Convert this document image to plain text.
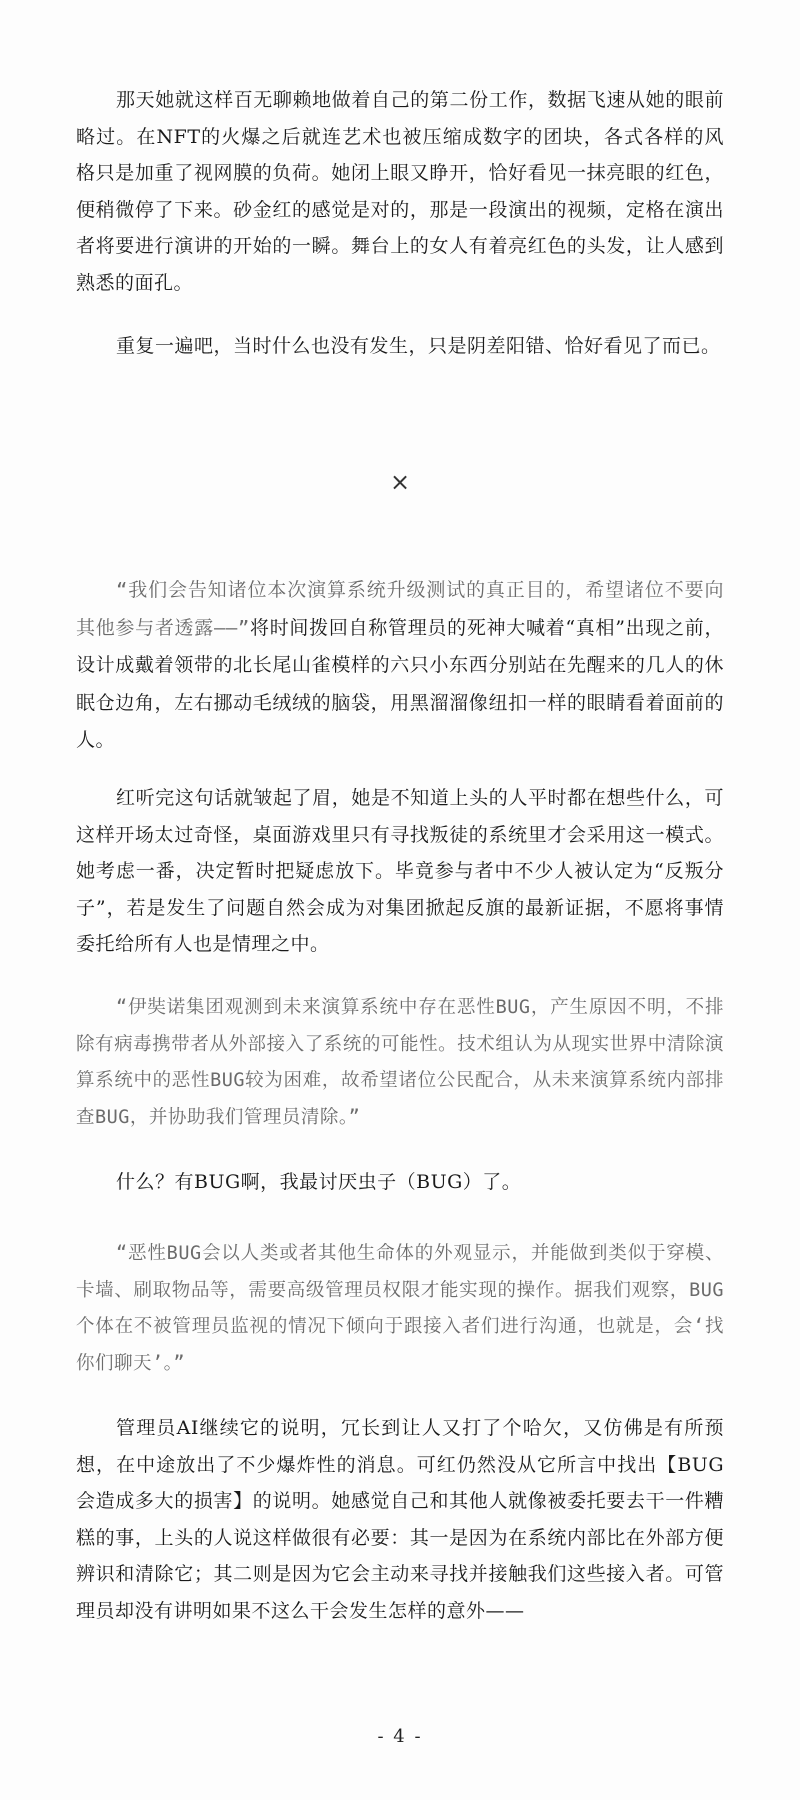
那天她就这样百无聊赖地做着自己的第二份工作，数据飞速从她的眼前略过。在NFT的火爆之后就连艺术也被压缩成数字的团块，各式各样的风格只是加重了视网膜的负荷。她闭上眼又睁开，恰好看见一抹亮眼的红色，便稍微停了下来。砂金红的感觉是对的，那是一段演出的视频，定格在演出者将要进行演讲的开始的一瞬。舞台上的女人有着亮红色的头发，让人感到熟悉的面孔。

重复一遍吧，当时什么也没有发生，只是阴差阳错、恰好看见了而已。

×

“我们会告知诸位本次演算系统升级测试的真正目的，希望诸位不要向其他参与者透露——”将时间拨回自称管理员的死神大喊着“真相”出现之前，设计成戴着领带的北长尾山雀模样的六只小东西分别站在先醒来的几人的休眠仓边角，左右挪动毛绒绒的脑袋，用黑溜溜像纽扣一样的眼睛看着面前的人。

红听完这句话就皱起了眉，她是不知道上头的人平时都在想些什么，可这样开场太过奇怪，桌面游戏里只有寻找叛徒的系统里才会采用这一模式。她考虑一番，决定暂时把疑虑放下。毕竟参与者中不少人被认定为“反叛分子”，若是发生了问题自然会成为对集团掀起反旗的最新证据，不愿将事情委托给所有人也是情理之中。

“伊奘诺集团观测到未来演算系统中存在恶性BUG，产生原因不明，不排除有病毒携带者从外部接入了系统的可能性。技术组认为从现实世界中清除演算系统中的恶性BUG较为困难，故希望诸位公民配合，从未来演算系统内部排查BUG，并协助我们管理员清除。”

什么？有BUG啊，我最讨厌虫子（BUG）了。

“恶性BUG会以人类或者其他生命体的外观显示，并能做到类似于穿模、卡墙、刷取物品等，需要高级管理员权限才能实现的操作。据我们观察，BUG个体在不被管理员监视的情况下倾向于跟接入者们进行沟通，也就是，会‘找你们聊天’。”

管理员AI继续它的说明，冗长到让人又打了个哈欠，又仿佛是有所预想，在中途放出了不少爆炸性的消息。可红仍然没从它所言中找出【BUG会造成多大的损害】的说明。她感觉自己和其他人就像被委托要去干一件糟糕的事，上头的人说这样做很有必要：其一是因为在系统内部比在外部方便辨识和清除它；其二则是因为它会主动来寻找并接触我们这些接入者。可管理员却没有讲明如果不这么干会发生怎样的意外——

- 4 -
